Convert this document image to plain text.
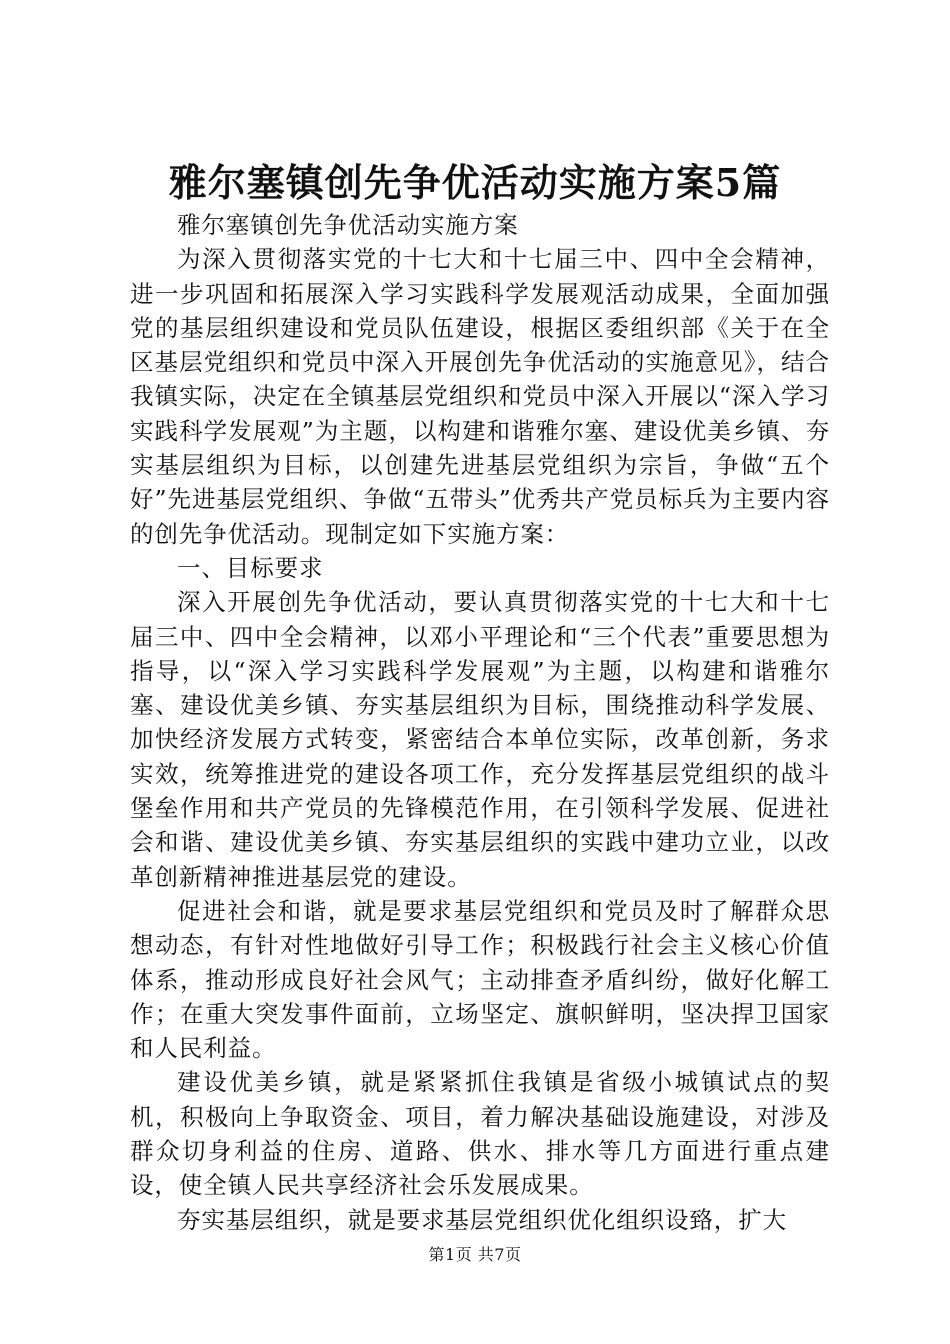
雅尔塞镇创先争优活动实施方案5篇

雅尔塞镇创先争优活动实施方案

为深入贯彻落实党的十七大和十七届三中、四中全会精神，进一步巩固和拓展深入学习实践科学发展观活动成果，全面加强党的基层组织建设和党员队伍建设，根据区委组织部《关于在全区基层党组织和党员中深入开展创先争优活动的实施意见》，结合我镇实际，决定在全镇基层党组织和党员中深入开展以“深入学习实践科学发展观”为主题，以构建和谐雅尔塞、建设优美乡镇、夯实基层组织为目标，以创建先进基层党组织为宗旨，争做“五个好”先进基层党组织、争做“五带头”优秀共产党员标兵为主要内容的创先争优活动。现制定如下实施方案：

一、目标要求

深入开展创先争优活动，要认真贯彻落实党的十七大和十七届三中、四中全会精神，以邓小平理论和“三个代表”重要思想为指导，以“深入学习实践科学发展观”为主题，以构建和谐雅尔塞、建设优美乡镇、夯实基层组织为目标，围绕推动科学发展、加快经济发展方式转变，紧密结合本单位实际，改革创新，务求实效，统筹推进党的建设各项工作，充分发挥基层党组织的战斗堡垒作用和共产党员的先锋模范作用，在引领科学发展、促进社会和谐、建设优美乡镇、夯实基层组织的实践中建功立业，以改革创新精神推进基层党的建设。

促进社会和谐，就是要求基层党组织和党员及时了解群众思想动态，有针对性地做好引导工作；积极践行社会主义核心价值体系，推动形成良好社会风气；主动排查矛盾纠纷，做好化解工作；在重大突发事件面前，立场坚定、旗帜鲜明，坚决捍卫国家和人民利益。

建设优美乡镇，就是紧紧抓住我镇是省级小城镇试点的契机，积极向上争取资金、项目，着力解决基础设施建设，对涉及群众切身利益的住房、道路、供水、排水等几方面进行重点建设，使全镇人民共享经济社会乐发展成果。

夯实基层组织，就是要求基层党组织优化组织设臵，扩大

第1页 共7页
